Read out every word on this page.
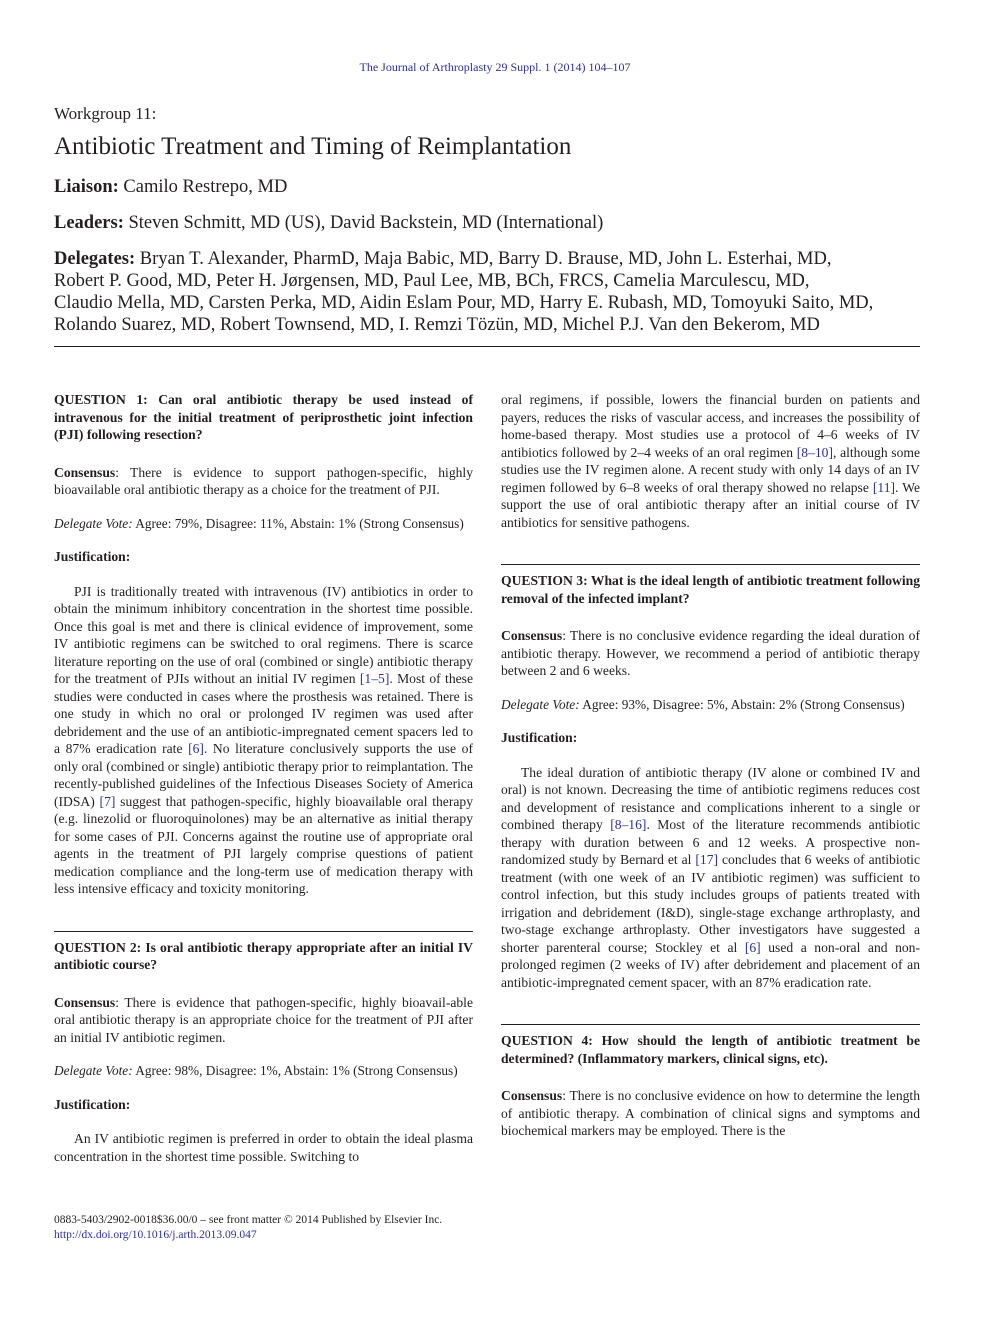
The Journal of Arthroplasty 29 Suppl. 1 (2014) 104–107
Workgroup 11:
Antibiotic Treatment and Timing of Reimplantation
Liaison: Camilo Restrepo, MD
Leaders: Steven Schmitt, MD (US), David Backstein, MD (International)
Delegates: Bryan T. Alexander, PharmD, Maja Babic, MD, Barry D. Brause, MD, John L. Esterhai, MD,
Robert P. Good, MD, Peter H. Jørgensen, MD, Paul Lee, MB, BCh, FRCS, Camelia Marculescu, MD,
Claudio Mella, MD, Carsten Perka, MD, Aidin Eslam Pour, MD, Harry E. Rubash, MD, Tomoyuki Saito, MD,
Rolando Suarez, MD, Robert Townsend, MD, I. Remzi Tözün, MD, Michel P.J. Van den Bekerom, MD

QUESTION 1: Can oral antibiotic therapy be used instead of intravenous for the initial treatment of periprosthetic joint infection (PJI) following resection?

Consensus: There is evidence to support pathogen-specific, highly bioavailable oral antibiotic therapy as a choice for the treatment of PJI.

Delegate Vote: Agree: 79%, Disagree: 11%, Abstain: 1% (Strong Consensus)

Justification:

PJI is traditionally treated with intravenous (IV) antibiotics in order to obtain the minimum inhibitory concentration in the shortest time possible. Once this goal is met and there is clinical evidence of improvement, some IV antibiotic regimens can be switched to oral regimens. There is scarce literature reporting on the use of oral (combined or single) antibiotic therapy for the treatment of PJIs without an initial IV regimen [1–5]. Most of these studies were conducted in cases where the prosthesis was retained. There is one study in which no oral or prolonged IV regimen was used after debridement and the use of an antibiotic-impregnated cement spacers led to a 87% eradication rate [6]. No literature conclusively supports the use of only oral (combined or single) antibiotic therapy prior to reimplantation. The recently-published guidelines of the Infectious Diseases Society of America (IDSA) [7] suggest that pathogen-specific, highly bioavailable oral therapy (e.g. linezolid or fluoroquinolones) may be an alternative as initial therapy for some cases of PJI. Concerns against the routine use of appropriate oral agents in the treatment of PJI largely comprise questions of patient medication compliance and the long-term use of medication therapy with less intensive efficacy and toxicity monitoring.

QUESTION 2: Is oral antibiotic therapy appropriate after an initial IV antibiotic course?

Consensus: There is evidence that pathogen-specific, highly bioavail-able oral antibiotic therapy is an appropriate choice for the treatment of PJI after an initial IV antibiotic regimen.

Delegate Vote: Agree: 98%, Disagree: 1%, Abstain: 1% (Strong Consensus)

Justification:

An IV antibiotic regimen is preferred in order to obtain the ideal plasma concentration in the shortest time possible. Switching to

oral regimens, if possible, lowers the financial burden on patients and payers, reduces the risks of vascular access, and increases the possibility of home-based therapy. Most studies use a protocol of 4–6 weeks of IV antibiotics followed by 2–4 weeks of an oral regimen [8–10], although some studies use the IV regimen alone. A recent study with only 14 days of an IV regimen followed by 6–8 weeks of oral therapy showed no relapse [11]. We support the use of oral antibiotic therapy after an initial course of IV antibiotics for sensitive pathogens.

QUESTION 3: What is the ideal length of antibiotic treatment following removal of the infected implant?

Consensus: There is no conclusive evidence regarding the ideal duration of antibiotic therapy. However, we recommend a period of antibiotic therapy between 2 and 6 weeks.

Delegate Vote: Agree: 93%, Disagree: 5%, Abstain: 2% (Strong Consensus)

Justification:

The ideal duration of antibiotic therapy (IV alone or combined IV and oral) is not known. Decreasing the time of antibiotic regimens reduces cost and development of resistance and complications inherent to a single or combined therapy [8–16]. Most of the literature recommends antibiotic therapy with duration between 6 and 12 weeks. A prospective non-randomized study by Bernard et al [17] concludes that 6 weeks of antibiotic treatment (with one week of an IV antibiotic regimen) was sufficient to control infection, but this study includes groups of patients treated with irrigation and debridement (I&D), single-stage exchange arthroplasty, and two-stage exchange arthroplasty. Other investigators have suggested a shorter parenteral course; Stockley et al [6] used a non-oral and non-prolonged regimen (2 weeks of IV) after debridement and placement of an antibiotic-impregnated cement spacer, with an 87% eradication rate.

QUESTION 4: How should the length of antibiotic treatment be determined? (Inflammatory markers, clinical signs, etc).

Consensus: There is no conclusive evidence on how to determine the length of antibiotic therapy. A combination of clinical signs and symptoms and biochemical markers may be employed. There is the

0883-5403/2902-0018$36.00/0 – see front matter © 2014 Published by Elsevier Inc.
http://dx.doi.org/10.1016/j.arth.2013.09.047
